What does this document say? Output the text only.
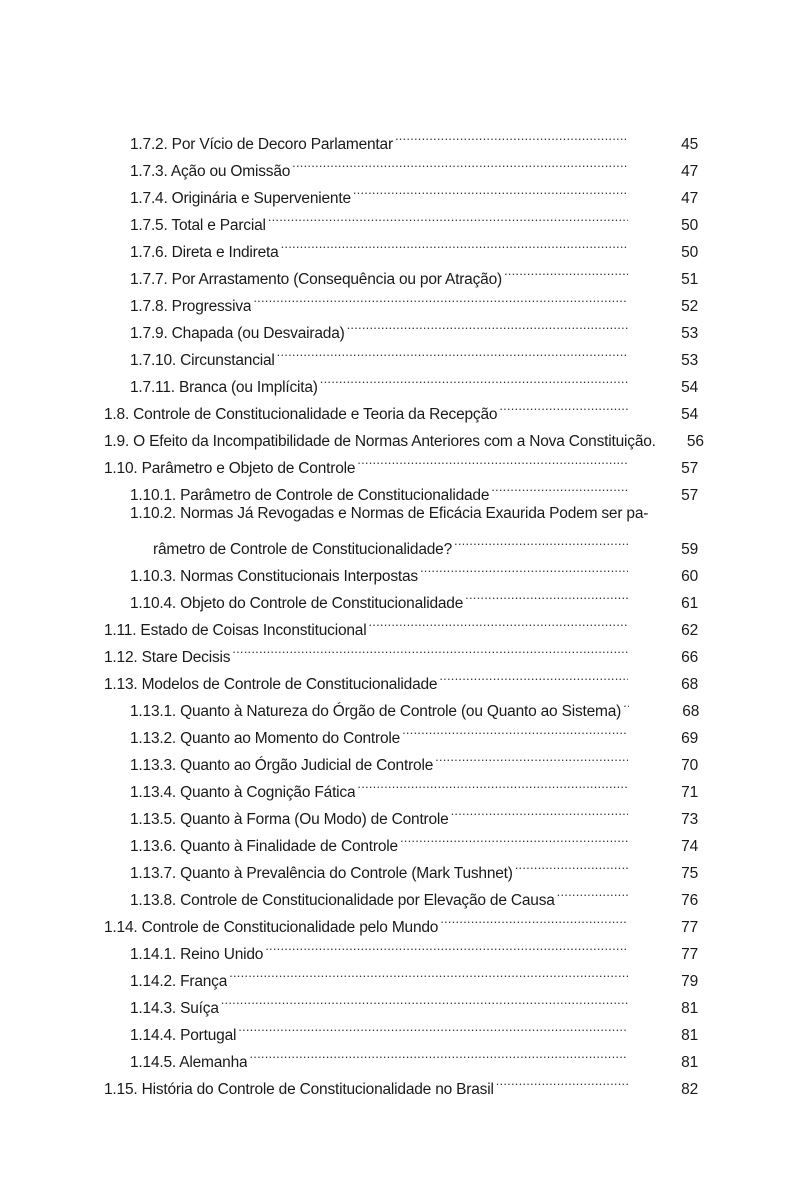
1.7.2. Por Vício de Decoro Parlamentar .....	45
1.7.3. Ação ou Omissão .....	47
1.7.4. Originária e Superveniente .....	47
1.7.5. Total e Parcial .....	50
1.7.6. Direta e Indireta .....	50
1.7.7. Por Arrastamento (Consequência ou por Atração) .....	51
1.7.8. Progressiva .....	52
1.7.9. Chapada (ou Desvairada) .....	53
1.7.10. Circunstancial .....	53
1.7.11. Branca (ou Implícita) .....	54
1.8. Controle de Constitucionalidade e Teoria da Recepção .....	54
1.9. O Efeito da Incompatibilidade de Normas Anteriores com a Nova Constituição.	56
1.10. Parâmetro e Objeto de Controle .....	57
1.10.1. Parâmetro de Controle de Constitucionalidade .....	57
1.10.2. Normas Já Revogadas e Normas de Eficácia Exaurida Podem ser pa-
râmetro de Controle de Constitucionalidade? .....	59
1.10.3. Normas Constitucionais Interpostas .....	60
1.10.4. Objeto do Controle de Constitucionalidade .....	61
1.11. Estado de Coisas Inconstitucional .....	62
1.12. Stare Decisis .....	66
1.13. Modelos de Controle de Constitucionalidade .....	68
1.13.1. Quanto à Natureza do Órgão de Controle (ou Quanto ao Sistema) .....	68
1.13.2. Quanto ao Momento do Controle .....	69
1.13.3. Quanto ao Órgão Judicial de Controle .....	70
1.13.4. Quanto à Cognição Fática .....	71
1.13.5. Quanto à Forma (Ou Modo) de Controle .....	73
1.13.6. Quanto à Finalidade de Controle .....	74
1.13.7. Quanto à Prevalência do Controle (Mark Tushnet) .....	75
1.13.8. Controle de Constitucionalidade por Elevação de Causa .....	76
1.14. Controle de Constitucionalidade pelo Mundo .....	77
1.14.1. Reino Unido .....	77
1.14.2. França .....	79
1.14.3. Suíça .....	81
1.14.4. Portugal .....	81
1.14.5. Alemanha .....	81
1.15. História do Controle de Constitucionalidade no Brasil .....	82
